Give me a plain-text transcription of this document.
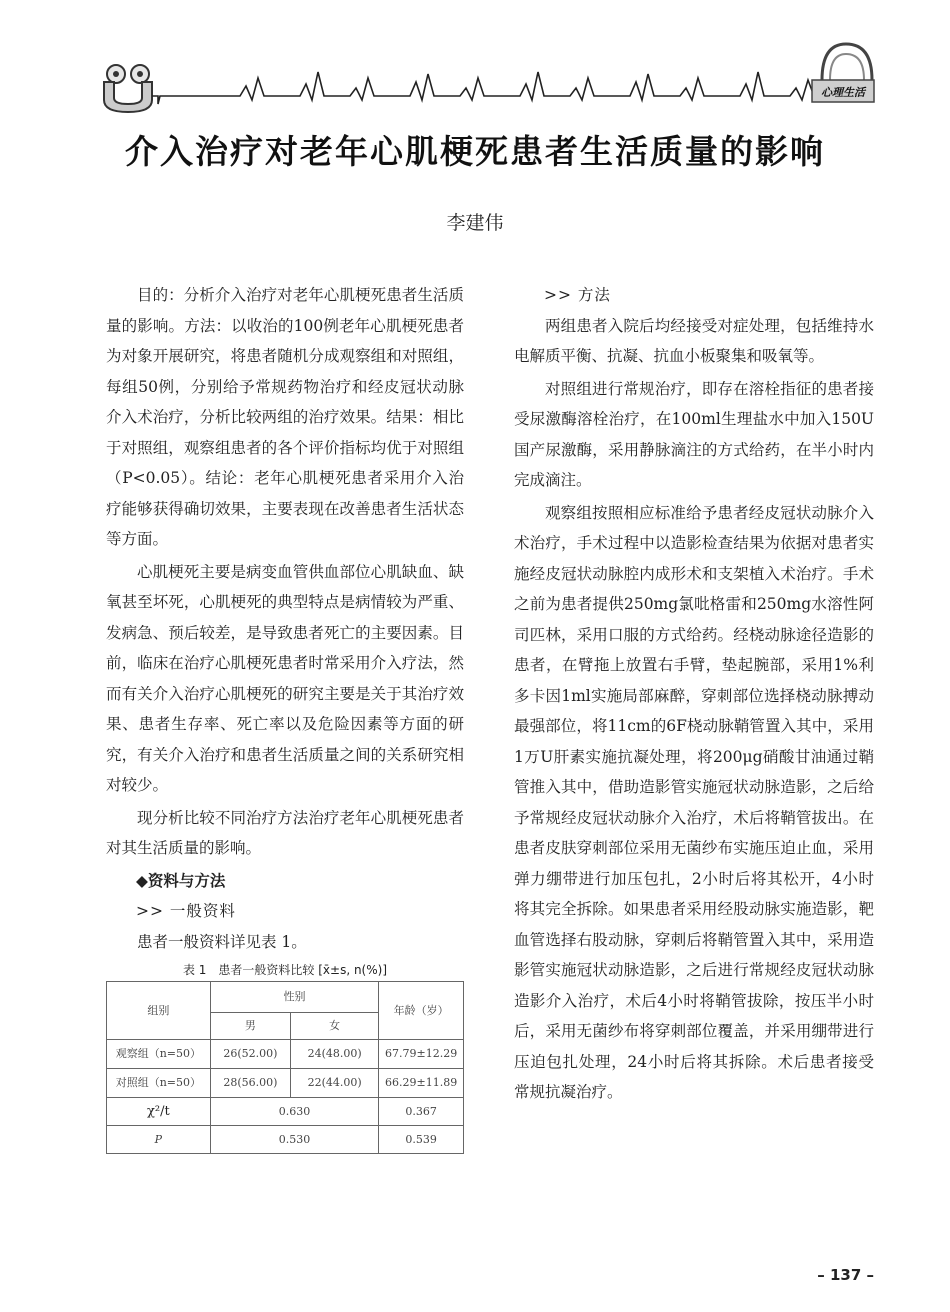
心理生活
介入治疗对老年心肌梗死患者生活质量的影响
李建伟

目的：分析介入治疗对老年心肌梗死患者生活质量的影响。方法：以收治的100例老年心肌梗死患者为对象开展研究，将患者随机分成观察组和对照组，每组50例，分别给予常规药物治疗和经皮冠状动脉介入术治疗，分析比较两组的治疗效果。结果：相比于对照组，观察组患者的各个评价指标均优于对照组（P<0.05）。结论：老年心肌梗死患者采用介入治疗能够获得确切效果，主要表现在改善患者生活状态等方面。

心肌梗死主要是病变血管供血部位心肌缺血、缺氧甚至坏死，心肌梗死的典型特点是病情较为严重、发病急、预后较差，是导致患者死亡的主要因素。目前，临床在治疗心肌梗死患者时常采用介入疗法，然而有关介入治疗心肌梗死的研究主要是关于其治疗效果、患者生存率、死亡率以及危险因素等方面的研究，有关介入治疗和患者生活质量之间的关系研究相对较少。

现分析比较不同治疗方法治疗老年心肌梗死患者对其生活质量的影响。

◆资料与方法
>> 一般资料

患者一般资料详见表 1。

表 1　患者一般资料比较 [x̄±s, n(%)]
组别	性别		年龄（岁）
	男	女	
观察组（n=50）	26(52.00)	24(48.00)	67.79±12.29
对照组（n=50）	28(56.00)	22(44.00)	66.29±11.89
χ²/t	0.630		0.367
P	0.530		0.539
>> 方法

两组患者入院后均经接受对症处理，包括维持水电解质平衡、抗凝、抗血小板聚集和吸氧等。

对照组进行常规治疗，即存在溶栓指征的患者接受尿激酶溶栓治疗，在100ml生理盐水中加入150U国产尿激酶，采用静脉滴注的方式给药，在半小时内完成滴注。

观察组按照相应标准给予患者经皮冠状动脉介入术治疗，手术过程中以造影检查结果为依据对患者实施经皮冠状动脉腔内成形术和支架植入术治疗。手术之前为患者提供250mg氯吡格雷和250mg水溶性阿司匹林，采用口服的方式给药。经桡动脉途径造影的患者，在臂拖上放置右手臂，垫起腕部，采用1%利多卡因1ml实施局部麻醉，穿刺部位选择桡动脉搏动最强部位，将11cm的6F桡动脉鞘管置入其中，采用1万U肝素实施抗凝处理，将200μg硝酸甘油通过鞘管推入其中，借助造影管实施冠状动脉造影，之后给予常规经皮冠状动脉介入治疗，术后将鞘管拔出。在患者皮肤穿刺部位采用无菌纱布实施压迫止血，采用弹力绷带进行加压包扎，2小时后将其松开，4小时将其完全拆除。如果患者采用经股动脉实施造影，靶血管选择右股动脉，穿刺后将鞘管置入其中，采用造影管实施冠状动脉造影，之后进行常规经皮冠状动脉造影介入治疗，术后4小时将鞘管拔除，按压半小时后，采用无菌纱布将穿刺部位覆盖，并采用绷带进行压迫包扎处理，24小时后将其拆除。术后患者接受常规抗凝治疗。

– 137 –
